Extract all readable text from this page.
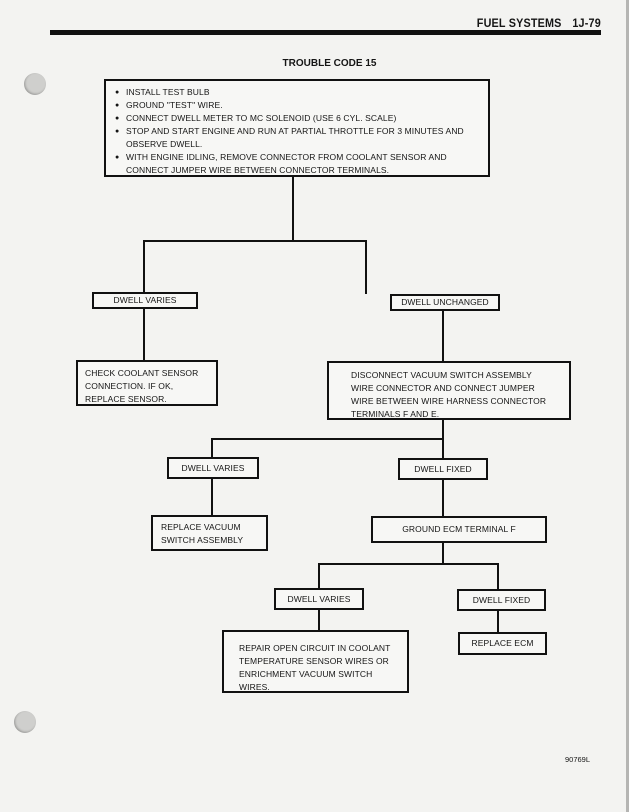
FUEL SYSTEMS 1J-79
TROUBLE CODE 15
● INSTALL TEST BULB
● GROUND "TEST" WIRE.
● CONNECT DWELL METER TO MC SOLENOID (USE 6 CYL. SCALE)
● STOP AND START ENGINE AND RUN AT PARTIAL THROTTLE FOR 3 MINUTES AND OBSERVE DWELL.
● WITH ENGINE IDLING, REMOVE CONNECTOR FROM COOLANT SENSOR AND CONNECT JUMPER WIRE BETWEEN CONNECTOR TERMINALS.
DWELL VARIES	DWELL UNCHANGED
CHECK COOLANT SENSOR CONNECTION. IF OK, REPLACE SENSOR.
DISCONNECT VACUUM SWITCH ASSEMBLY WIRE CONNECTOR AND CONNECT JUMPER WIRE BETWEEN WIRE HARNESS CONNECTOR TERMINALS F AND E.
DWELL VARIES	DWELL FIXED
REPLACE VACUUM SWITCH ASSEMBLY
GROUND ECM TERMINAL F
DWELL VARIES	DWELL FIXED
REPAIR OPEN CIRCUIT IN COOLANT TEMPERATURE SENSOR WIRES OR ENRICHMENT VACUUM SWITCH WIRES.
REPLACE ECM
90769L
